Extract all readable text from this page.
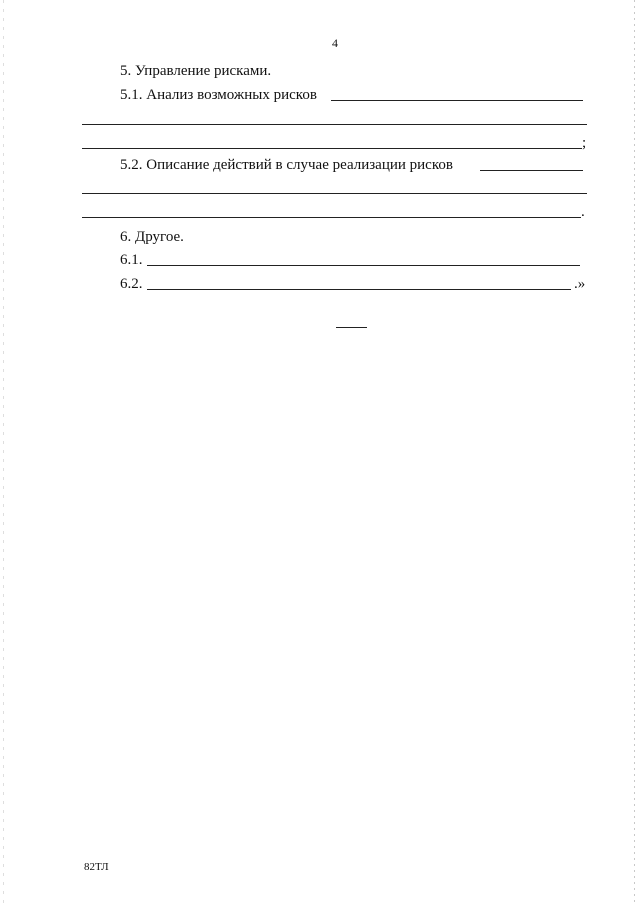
4
5. Управление рисками.
5.1. Анализ возможных рисков
;
5.2. Описание действий в случае реализации рисков
.
6. Другое.
6.1.
6.2.	.»
82ТЛ
